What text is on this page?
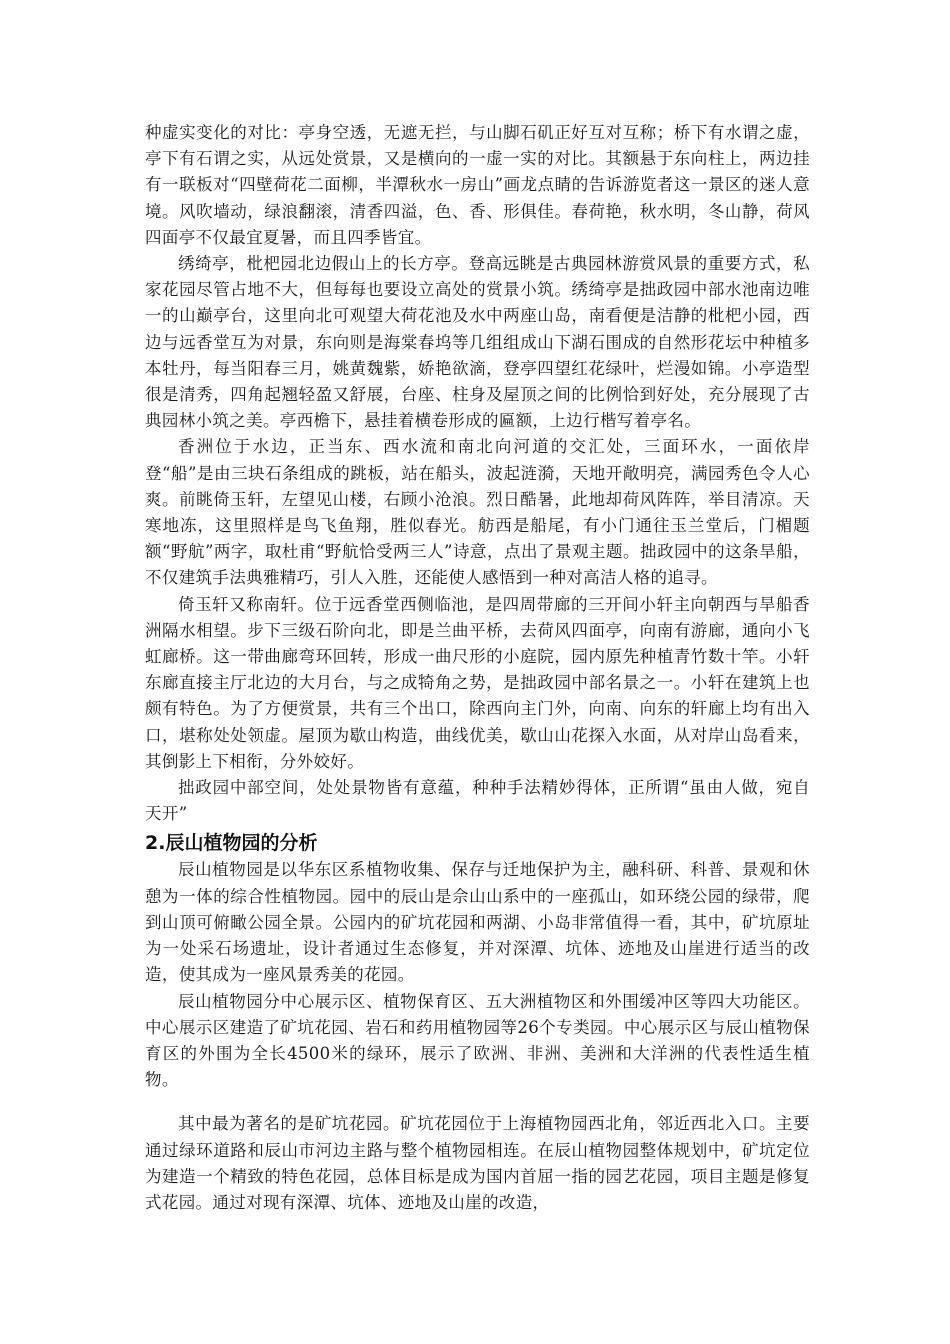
种虚实变化的对比：亭身空透，无遮无拦，与山脚石矶正好互对互称；桥下有水谓之虚，亭下有石谓之实，从远处赏景，又是横向的一虚一实的对比。其额悬于东向柱上，两边挂有一联板对“四壁荷花二面柳，半潭秋水一房山”画龙点睛的告诉游览者这一景区的迷人意境。风吹墙动，绿浪翻滚，清香四溢，色、香、形俱佳。春荷艳，秋水明，冬山静，荷风四面亭不仅最宜夏暑，而且四季皆宜。

绣绮亭，枇杷园北边假山上的长方亭。登高远眺是古典园林游赏风景的重要方式，私家花园尽管占地不大，但每每也要设立高处的赏景小筑。绣绮亭是拙政园中部水池南边唯一的山巅亭台，这里向北可观望大荷花池及水中两座山岛，南看便是洁静的枇杷小园，西边与远香堂互为对景，东向则是海棠春坞等几组组成山下湖石围成的自然形花坛中种植多本牡丹，每当阳春三月，姚黄魏紫，娇艳欲滴，登亭四望红花绿叶，烂漫如锦。小亭造型很是清秀，四角起翘轻盈又舒展，台座、柱身及屋顶之间的比例恰到好处，充分展现了古典园林小筑之美。亭西檐下，悬挂着横卷形成的匾额，上边行楷写着亭名。

香洲位于水边，正当东、西水流和南北向河道的交汇处，三面环水，一面依岸登“船”是由三块石条组成的跳板，站在船头，波起涟漪，天地开敞明亮，满园秀色令人心爽。前眺倚玉轩，左望见山楼，右顾小沧浪。烈日酷暑，此地却荷风阵阵，举目清凉。天寒地冻，这里照样是鸟飞鱼翔，胜似春光。舫西是船尾，有小门通往玉兰堂后，门楣题额“野航”两字，取杜甫“野航恰受两三人”诗意，点出了景观主题。拙政园中的这条旱船，不仅建筑手法典雅精巧，引人入胜，还能使人感悟到一种对高洁人格的追寻。

倚玉轩又称南轩。位于远香堂西侧临池，是四周带廊的三开间小轩主向朝西与旱船香洲隔水相望。步下三级石阶向北，即是兰曲平桥，去荷风四面亭，向南有游廊，通向小飞虹廊桥。这一带曲廊弯环回转，形成一曲尺形的小庭院，园内原先种植青竹数十竿。小轩东廊直接主厅北边的大月台，与之成犄角之势，是拙政园中部名景之一。小轩在建筑上也颇有特色。为了方便赏景，共有三个出口，除西向主门外，向南、向东的轩廊上均有出入口，堪称处处领虚。屋顶为歇山构造，曲线优美，歇山山花探入水面，从对岸山岛看来，其倒影上下相衔，分外姣好。

拙政园中部空间，处处景物皆有意蕴，种种手法精妙得体，正所谓“虽由人做，宛自天开”

2.辰山植物园的分析

辰山植物园是以华东区系植物收集、保存与迁地保护为主，融科研、科普、景观和休憩为一体的综合性植物园。园中的辰山是佘山山系中的一座孤山，如环绕公园的绿带，爬到山顶可俯瞰公园全景。公园内的矿坑花园和两湖、小岛非常值得一看，其中，矿坑原址为一处采石场遗址，设计者通过生态修复，并对深潭、坑体、迹地及山崖进行适当的改造，使其成为一座风景秀美的花园。

辰山植物园分中心展示区、植物保育区、五大洲植物区和外围缓冲区等四大功能区。中心展示区建造了矿坑花园、岩石和药用植物园等26个专类园。中心展示区与辰山植物保育区的外围为全长4500米的绿环，展示了欧洲、非洲、美洲和大洋洲的代表性适生植物。

其中最为著名的是矿坑花园。矿坑花园位于上海植物园西北角，邻近西北入口。主要通过绿环道路和辰山市河边主路与整个植物园相连。在辰山植物园整体规划中，矿坑定位为建造一个精致的特色花园，总体目标是成为国内首屈一指的园艺花园，项目主题是修复式花园。通过对现有深潭、坑体、迹地及山崖的改造，
